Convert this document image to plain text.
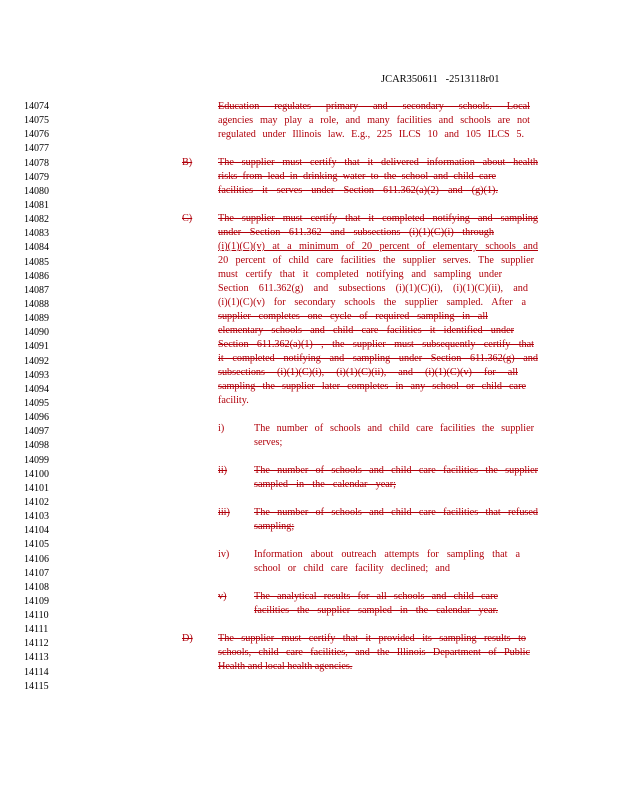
JCAR350611 -2513118r01
14074
14075
14076
14077
14078
14079
14080
14081
14082
14083
14084
14085
14086
14087
14088
14089
14090
14091
14092
14093
14094
14095
14096
14097
14098
14099
14100
14101
14102
14103
14104
14105
14106
14107
14108
14109
14110
14111
14112
14113
14114
14115
Education regulates primary and secondary schools. Local
agencies may play a role, and many facilities and schools are not
regulated under Illinois law. E.g., 225 ILCS 10 and 105 ILCS 5.
B)	The supplier must certify that it delivered information about health
risks from lead in drinking water to the school and child care
facilities it serves under Section 611.362(a)(2) and (g)(1).
C)	The supplier must certify that it completed notifying and sampling
under Section 611.362 and subsections (i)(1)(C)(i) through
(i)(1)(C)(v) at a minimum of 20 percent of elementary schools and
20 percent of child care facilities the supplier serves. The supplier
must certify that it completed notifying and sampling under
Section 611.362(g) and subsections (i)(1)(C)(i), (i)(1)(C)(ii), and
(i)(1)(C)(v) for secondary schools the supplier sampled. After a
supplier completes one cycle of required sampling in all
elementary schools and child care facilities it identified under
Section 611.362(a)(1) , the supplier must subsequently certify that
it completed notifying and sampling under Section 611.362(g) and
subsections (i)(1)(C)(i), (i)(1)(C)(ii), and (i)(1)(C)(v) for all
sampling the supplier later completes in any school or child care
facility.
i)	The number of schools and child care facilities the supplier
serves;
ii)	The number of schools and child care facilities the supplier
sampled in the calendar year;
iii) The number of schools and child care facilities that refused
sampling;
iv) Information about outreach attempts for sampling that a
school or child care facility declined; and
v)	The analytical results for all schools and child care
facilities the supplier sampled in the calendar year.
D) The supplier must certify that it provided its sampling results to
schools, child care facilities, and the Illinois Department of Public
Health and local health agencies.
